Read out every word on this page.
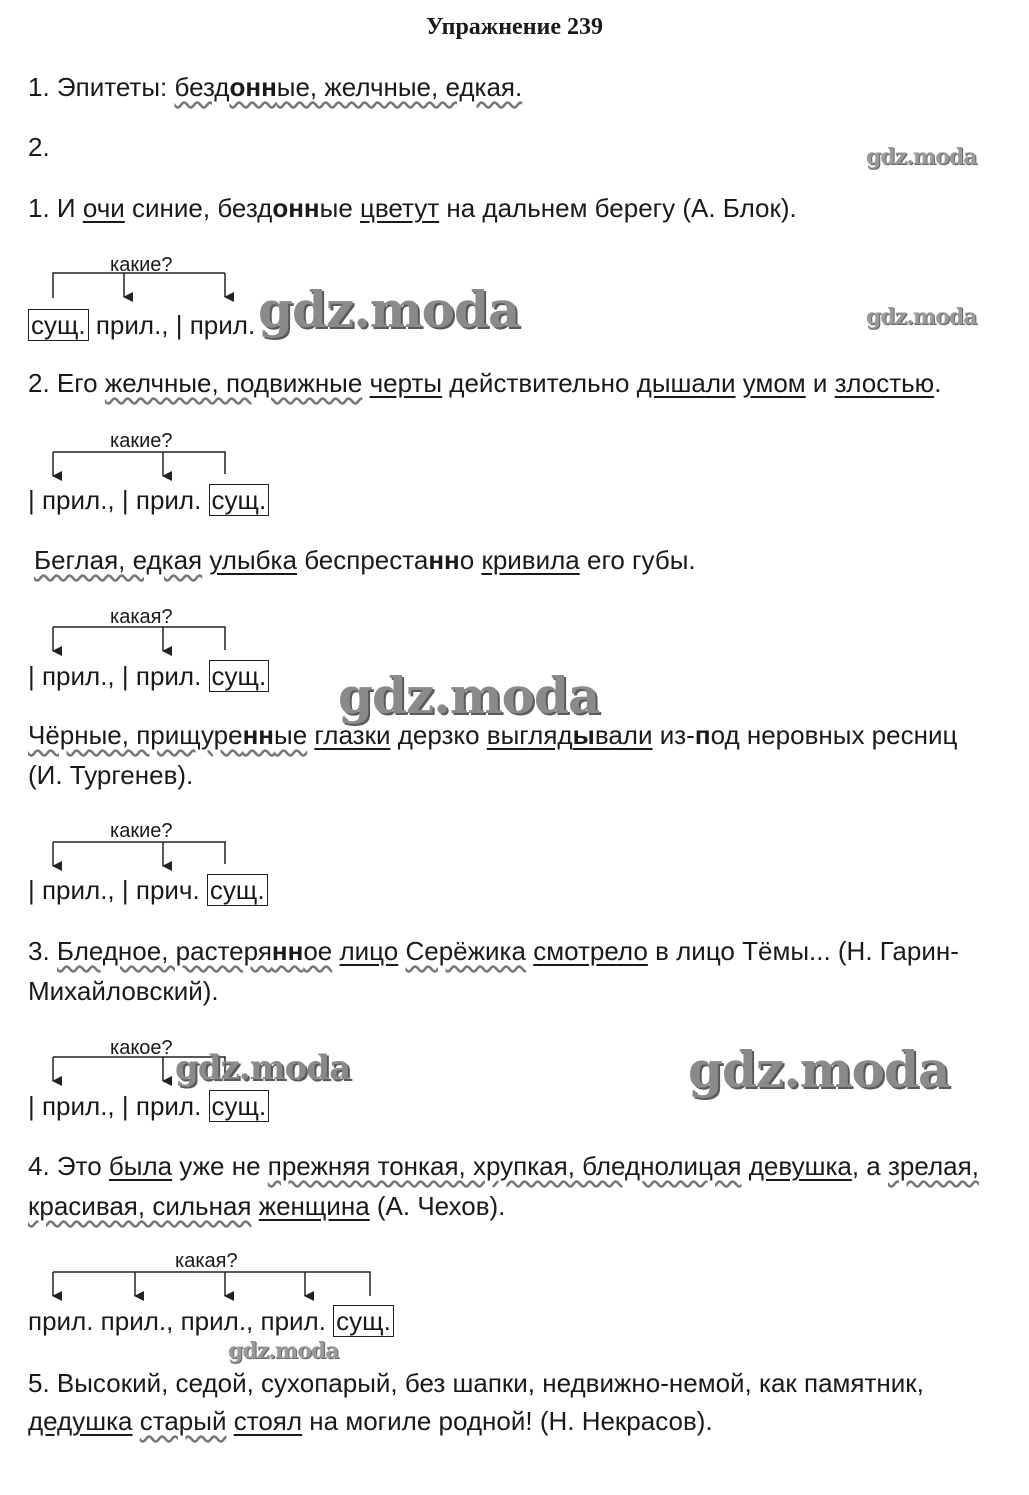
Упражнение 239
1. Эпитеты: бездонные, желчные, едкая.
2.
1. И очи синие, бездонные цветут на дальнем берегу (А. Блок).
какие?
сущ. прил., | прил.
2. Его желчные, подвижные черты действительно дышали умом и злостью.
какие?
| прил., | прил. сущ.
Беглая, едкая улыбка беспрестанно кривила его губы.
какая?
| прил., | прил. сущ.
Чёрные, прищуренные глазки дерзко выглядывали из-под неровных ресниц
(И. Тургенев).
какие?
| прил., | прич. сущ.
3. Бледное, растерянное лицо Серёжика смотрело в лицо Тёмы... (Н. Гарин-
Михайловский).
какое?
| прил., | прил. сущ.
4. Это была уже не прежняя тонкая, хрупкая, бледнолицая девушка, а зрелая,
красивая, сильная женщина (А. Чехов).
какая?
прил. прил., прил., прил. сущ.
5. Высокий, седой, сухопарый, без шапки, недвижно-немой, как памятник,
дедушка старый стоял на могиле родной! (Н. Некрасов).
gdz.moda
gdz.moda	gdz.moda
gdz.moda
gdz.moda	gdz.moda
gdz.moda
